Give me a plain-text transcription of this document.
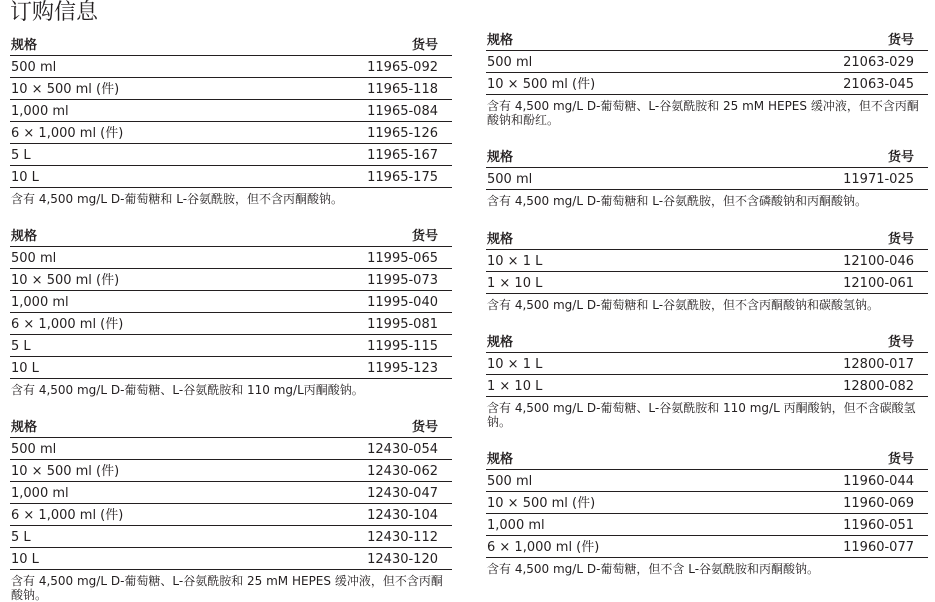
订购信息
规格	货号
500 ml	11965-092
10 × 500 ml (件)	11965-118
1,000 ml	11965-084
6 × 1,000 ml (件)	11965-126
5 L	11965-167
10 L	11965-175
含有 4,500 mg/L D-葡萄糖和 L-谷氨酰胺，但不含丙酮酸钠。
规格	货号
500 ml	11995-065
10 × 500 ml (件)	11995-073
1,000 ml	11995-040
6 × 1,000 ml (件)	11995-081
5 L	11995-115
10 L	11995-123
含有 4,500 mg/L D-葡萄糖、L-谷氨酰胺和 110 mg/L丙酮酸钠。
规格	货号
500 ml	12430-054
10 × 500 ml (件)	12430-062
1,000 ml	12430-047
6 × 1,000 ml (件)	12430-104
5 L	12430-112
10 L	12430-120
含有 4,500 mg/L D-葡萄糖、L-谷氨酰胺和 25 mM HEPES 缓冲液，但不含丙酮酸钠。
规格	货号
500 ml	21063-029
10 × 500 ml (件)	21063-045
含有 4,500 mg/L D-葡萄糖、L-谷氨酰胺和 25 mM HEPES 缓冲液，但不含丙酮酸钠和酚红。
规格	货号
500 ml	11971-025
含有 4,500 mg/L D-葡萄糖和 L-谷氨酰胺，但不含磷酸钠和丙酮酸钠。
规格	货号
10 × 1 L	12100-046
1 × 10 L	12100-061
含有 4,500 mg/L D-葡萄糖和 L-谷氨酰胺，但不含丙酮酸钠和碳酸氢钠。
规格	货号
10 × 1 L	12800-017
1 × 10 L	12800-082
含有 4,500 mg/L D-葡萄糖、L-谷氨酰胺和 110 mg/L 丙酮酸钠，但不含碳酸氢钠。
规格	货号
500 ml	11960-044
10 × 500 ml (件)	11960-069
1,000 ml	11960-051
6 × 1,000 ml (件)	11960-077
含有 4,500 mg/L D-葡萄糖，但不含 L-谷氨酰胺和丙酮酸钠。
